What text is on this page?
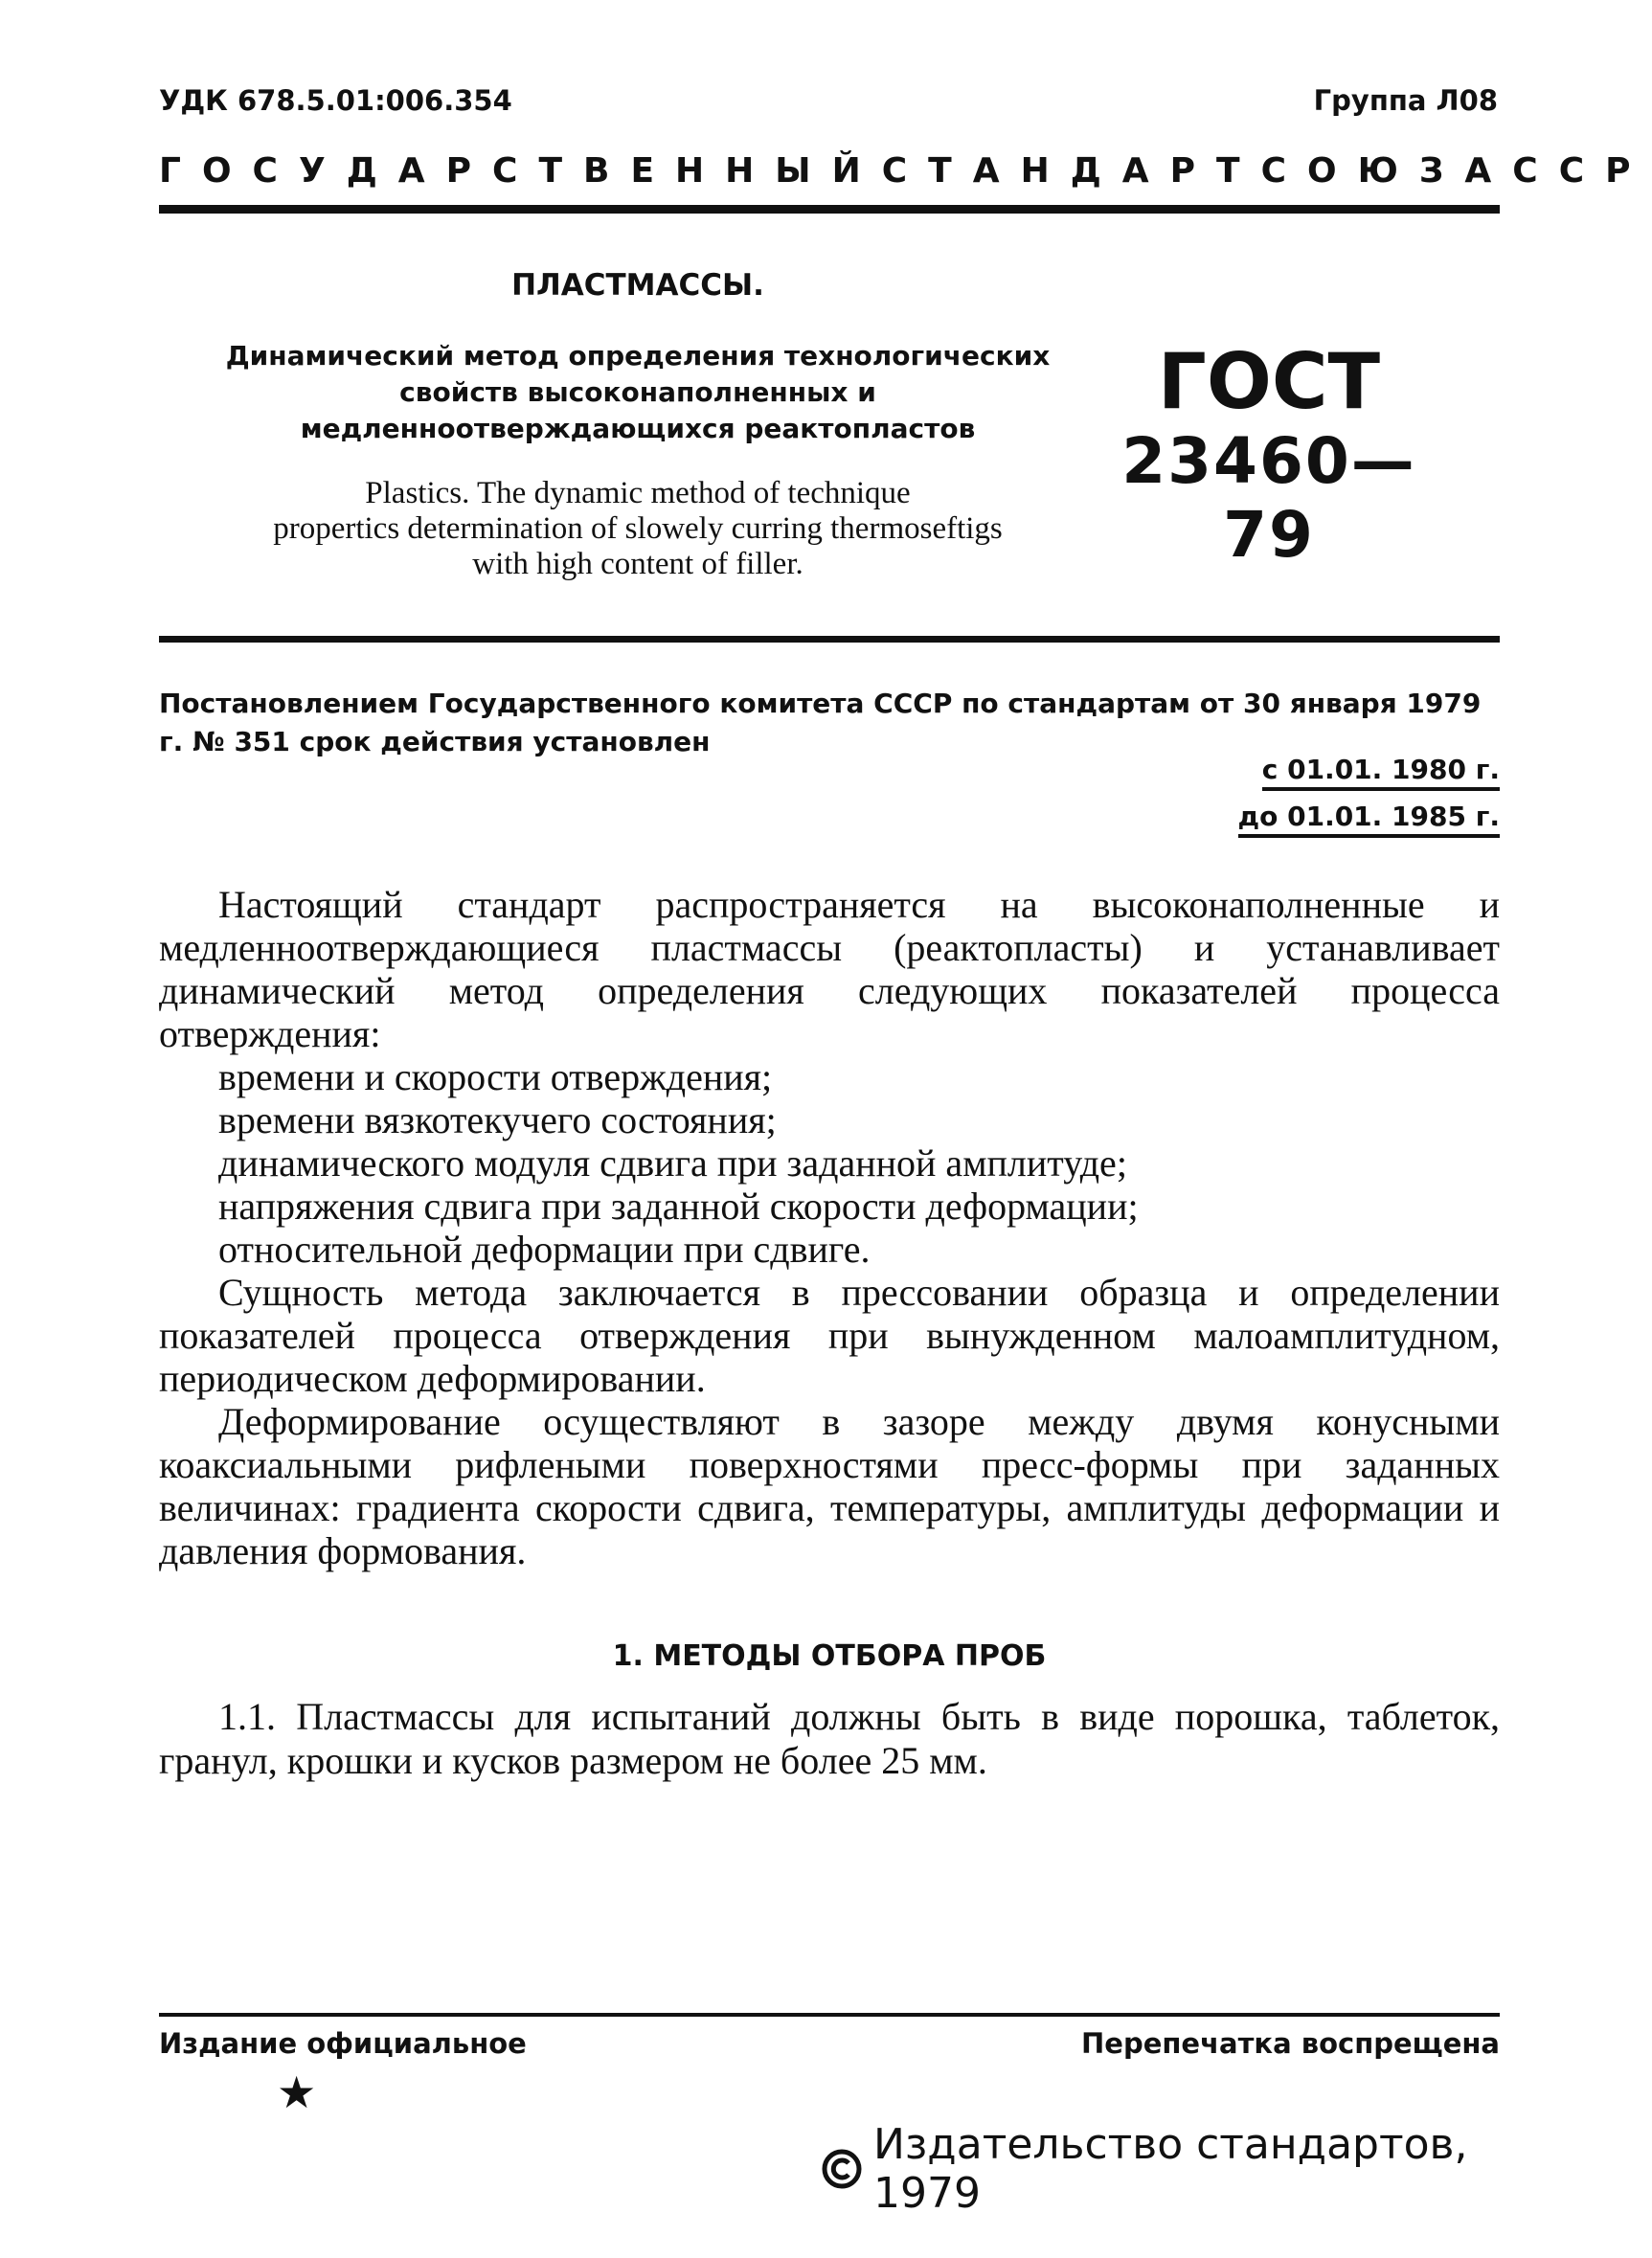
УДК 678.5.01:006.354	Группа Л08
ГОСУДАРСТВЕННЫЙ СТАНДАРТ СОЮЗА ССР
ПЛАСТМАССЫ.
Динамический метод определения технологических
свойств высоконаполненных и
медленноотверждающихся реактопластов
Plastics. The dynamic method of technique
propertics determination of slowely curring thermoseftigs
with high content of filler.
ГОСТ
23460—79
Постановлением Государственного комитета СССР по стандартам от 30 января 1979 г. № 351 срок действия установлен
с 01.01. 1980 г.
до 01.01. 1985 г.

Настоящий стандарт распространяется на высоконаполненные и медленноотверждающиеся пластмассы (реактопласты) и устанавливает динамический метод определения следующих показателей процесса отверждения:

времени и скорости отверждения;

времени вязкотекучего состояния;

динамического модуля сдвига при заданной амплитуде;

напряжения сдвига при заданной скорости деформации;

относительной деформации при сдвиге.

Сущность метода заключается в прессовании образца и определении показателей процесса отверждения при вынужденном малоамплитудном, периодическом деформировании.

Деформирование осуществляют в зазоре между двумя конусными коаксиальными рифлеными поверхностями пресс-формы при заданных величинах: градиента скорости сдвига, температуры, амплитуды деформации и давления формования.

1. МЕТОДЫ ОТБОРА ПРОБ
1.1. Пластмассы для испытаний должны быть в виде порошка, таблеток, гранул, крошки и кусков размером не более 25 мм.
Издание официальное	Перепечатка воспрещена
★
Издательство стандартов, 1979
